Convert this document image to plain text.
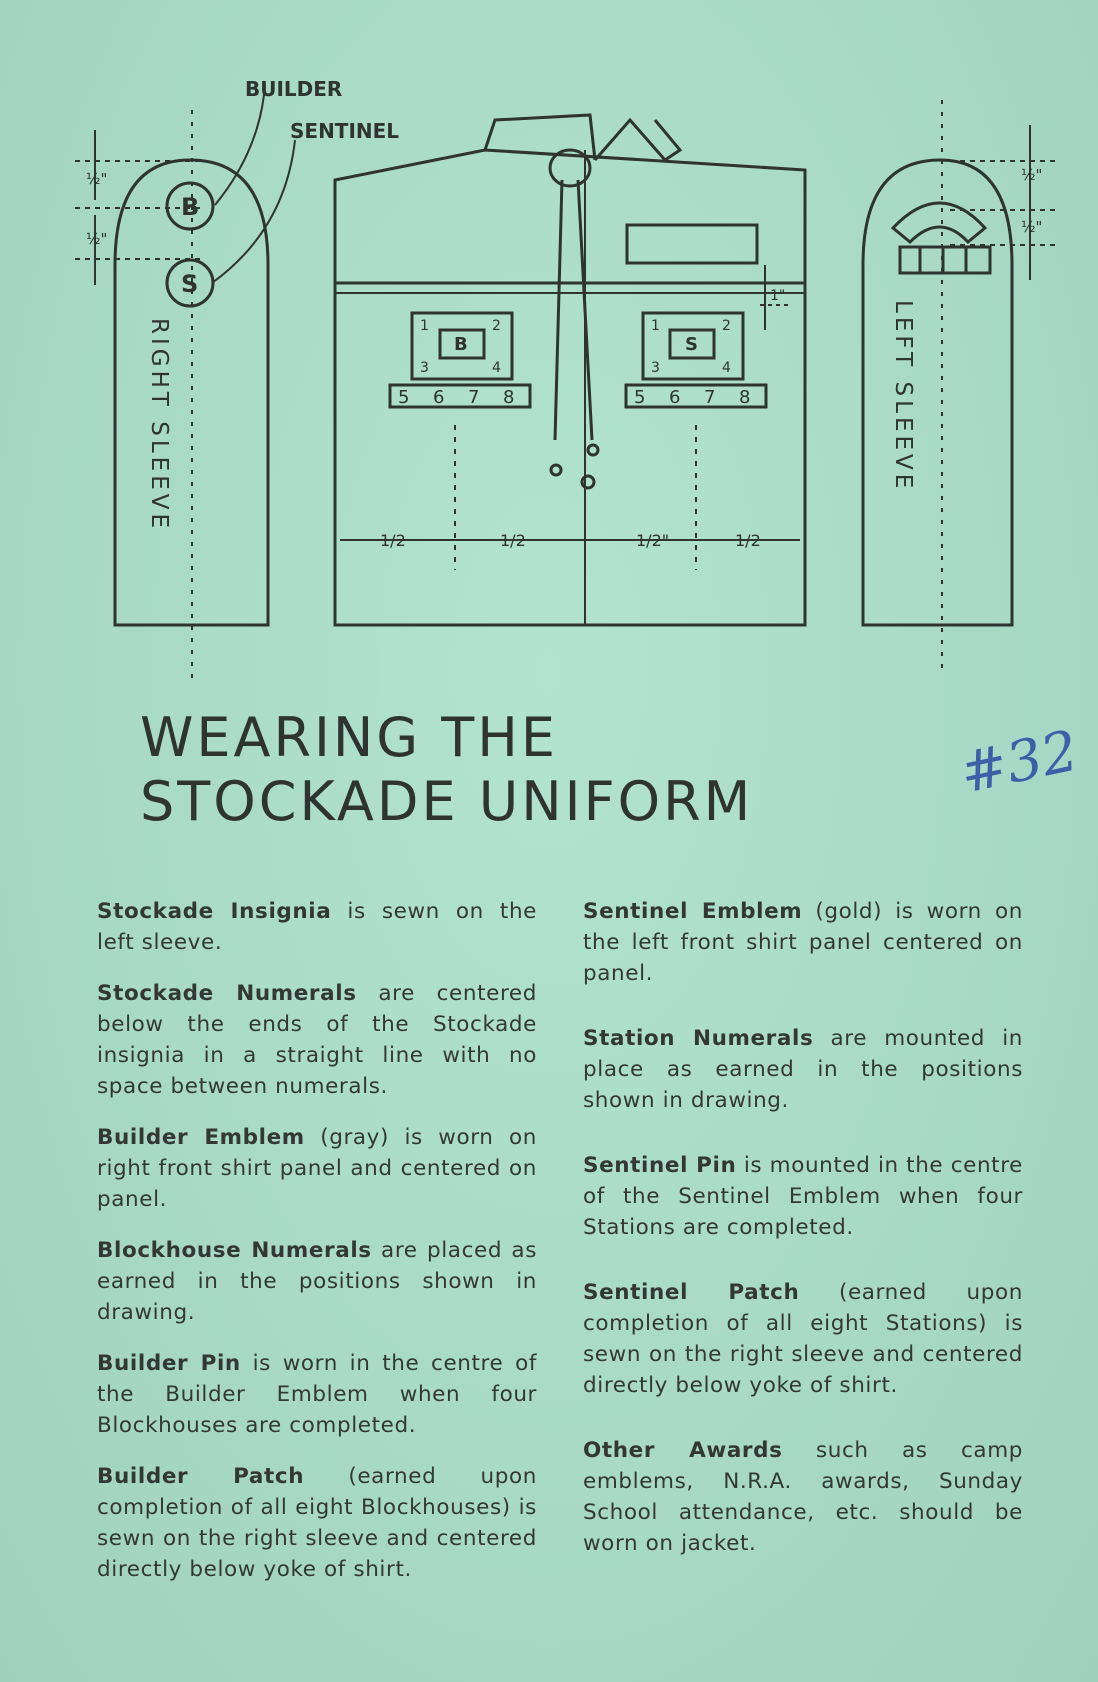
BUILDER
SENTINEL
B
S
½"
½"
RIGHT SLEEVE	LEFT SLEEVE
½"
½"
1"
B	S
1	2
3	4
1	2
3	4
5 6 7 8	5 6 7 8
1/2	1/2	1/2"	1/2
WEARING THE
STOCKADE UNIFORM	#32

Stockade Insignia is sewn on the left sleeve.

Stockade Numerals are centered below the ends of the Stockade insignia in a straight line with no space between numerals.

Builder Emblem (gray) is worn on right front shirt panel and centered on panel.

Blockhouse Numerals are placed as earned in the positions shown in drawing.

Builder Pin is worn in the centre of the Builder Emblem when four Blockhouses are completed.

Builder Patch (earned upon completion of all eight Blockhouses) is sewn on the right sleeve and centered directly below yoke of shirt.

Sentinel Emblem (gold) is worn on the left front shirt panel centered on panel.

Station Numerals are mounted in place as earned in the positions shown in drawing.

Sentinel Pin is mounted in the centre of the Sentinel Emblem when four Stations are completed.

Sentinel Patch (earned upon completion of all eight Stations) is sewn on the right sleeve and centered directly below yoke of shirt.

Other Awards such as camp emblems, N.R.A. awards, Sunday School attendance, etc. should be worn on jacket.
